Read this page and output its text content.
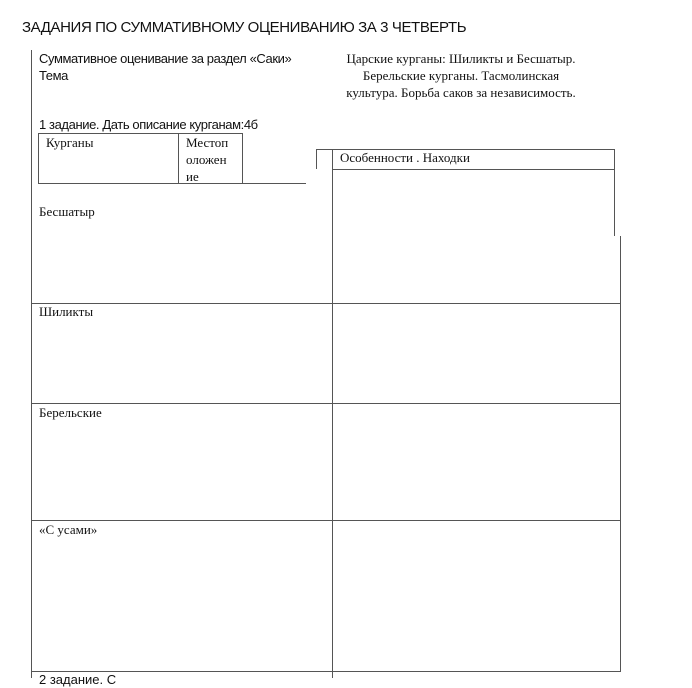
ЗАДАНИЯ ПО СУММАТИВНОМУ ОЦЕНИВАНИЮ ЗА 3 ЧЕТВЕРТЬ
Суммативное оценивание за раздел «Саки»
Тема
Царские курганы: Шиликты и Бесшатыр.
Берельские курганы. Тасмолинская
культура. Борьба саков за независимость.
1 задание. Дать описание курганам:4б
Курганы	Местоп
оложен
ие
Особенности . Находки
Бесшатыр
Шиликты
Берельские
«С усами»
2 задание. С
